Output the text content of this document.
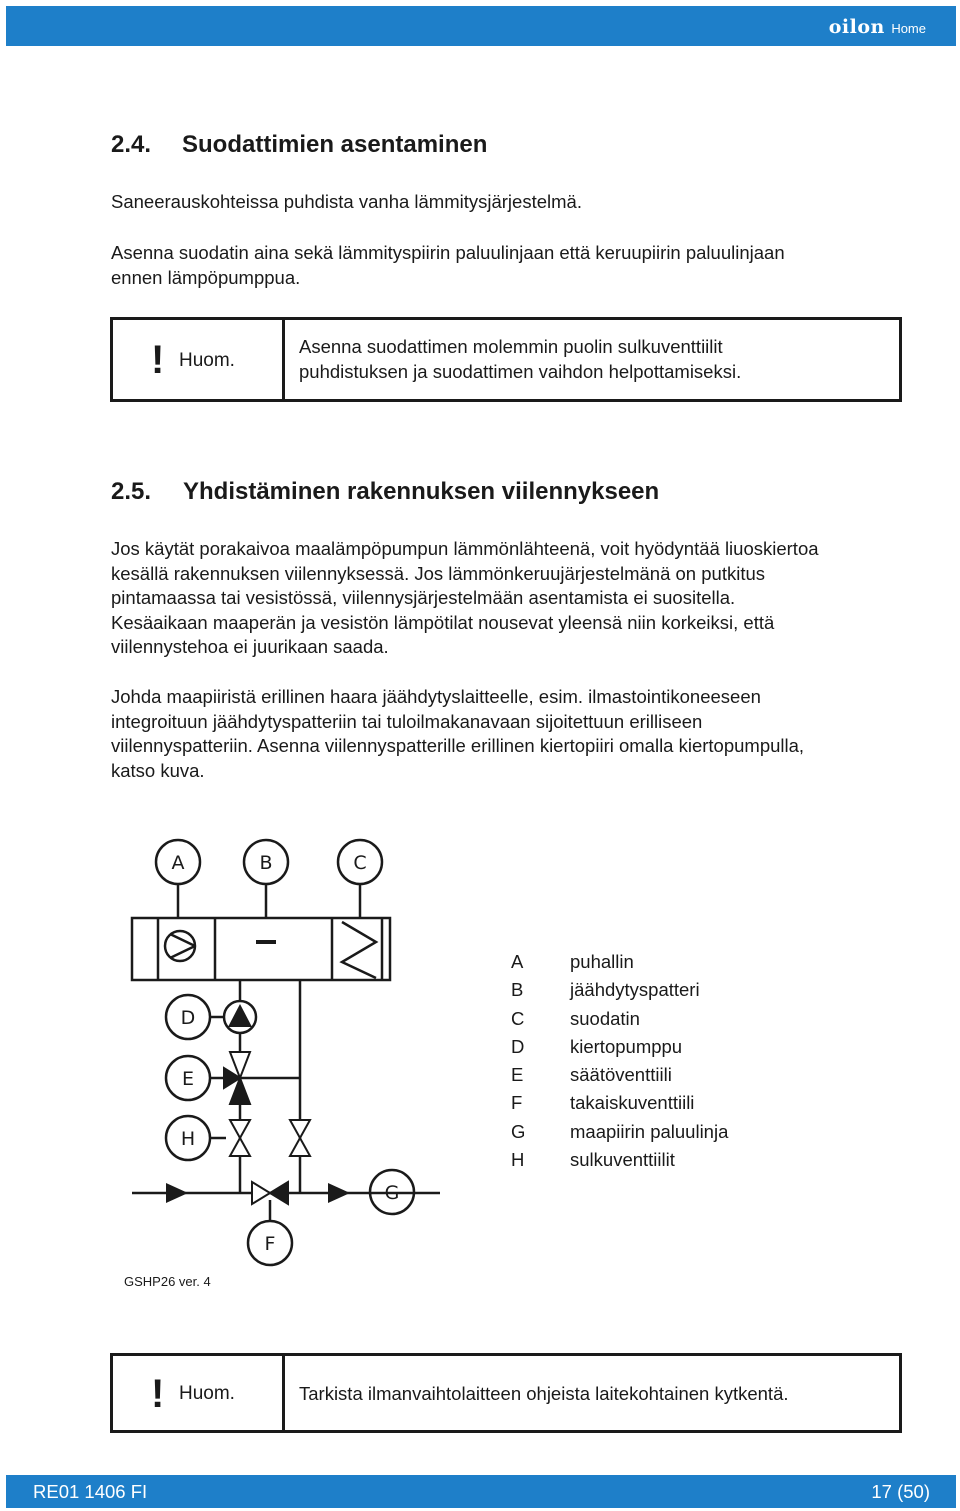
oilon Home
2.4. Suodattimien asentaminen

Saneerauskohteissa puhdista vanha lämmitysjärjestelmä.

Asenna suodatin aina sekä lämmityspiirin paluulinjaan että keruupiirin paluulinjaan
ennen lämpöpumppua.

! Huom.

Asenna suodattimen molemmin puolin sulkuventtiilit
puhdistuksen ja suodattimen vaihdon helpottamiseksi.

2.5. Yhdistäminen rakennuksen viilennykseen

Jos käytät porakaivoa maalämpöpumpun lämmönlähteenä, voit hyödyntää liuoskiertoa
kesällä rakennuksen viilennyksessä. Jos lämmönkeruujärjestelmänä on putkitus
pintamaassa tai vesistössä, viilennysjärjestelmään asentamista ei suositella.
Kesäaikaan maaperän ja vesistön lämpötilat nousevat yleensä niin korkeiksi, että
viilennystehoa ei juurikaan saada.

Johda maapiiristä erillinen haara jäähdytyslaitteelle, esim. ilmastointikoneeseen
integroituun jäähdytyspatteriin tai tuloilmakanavaan sijoitettuun erilliseen
viilennyspatteriin. Asenna viilennyspatterille erillinen kiertopiiri omalla kiertopumpulla,
katso kuva.

A	B	C
D
E
H
G
F
A	puhallin
B	jäähdytyspatteri
C suodatin
D kiertopumppu
E	säätöventtiili
F	takaiskuventtiili
G maapiirin paluulinja
H sulkuventtiilit
GSHP26 ver. 4
! Huom.	Tarkista ilmanvaihtolaitteen ohjeista laitekohtainen kytkentä.

RE01 1406 FI	17 (50)
